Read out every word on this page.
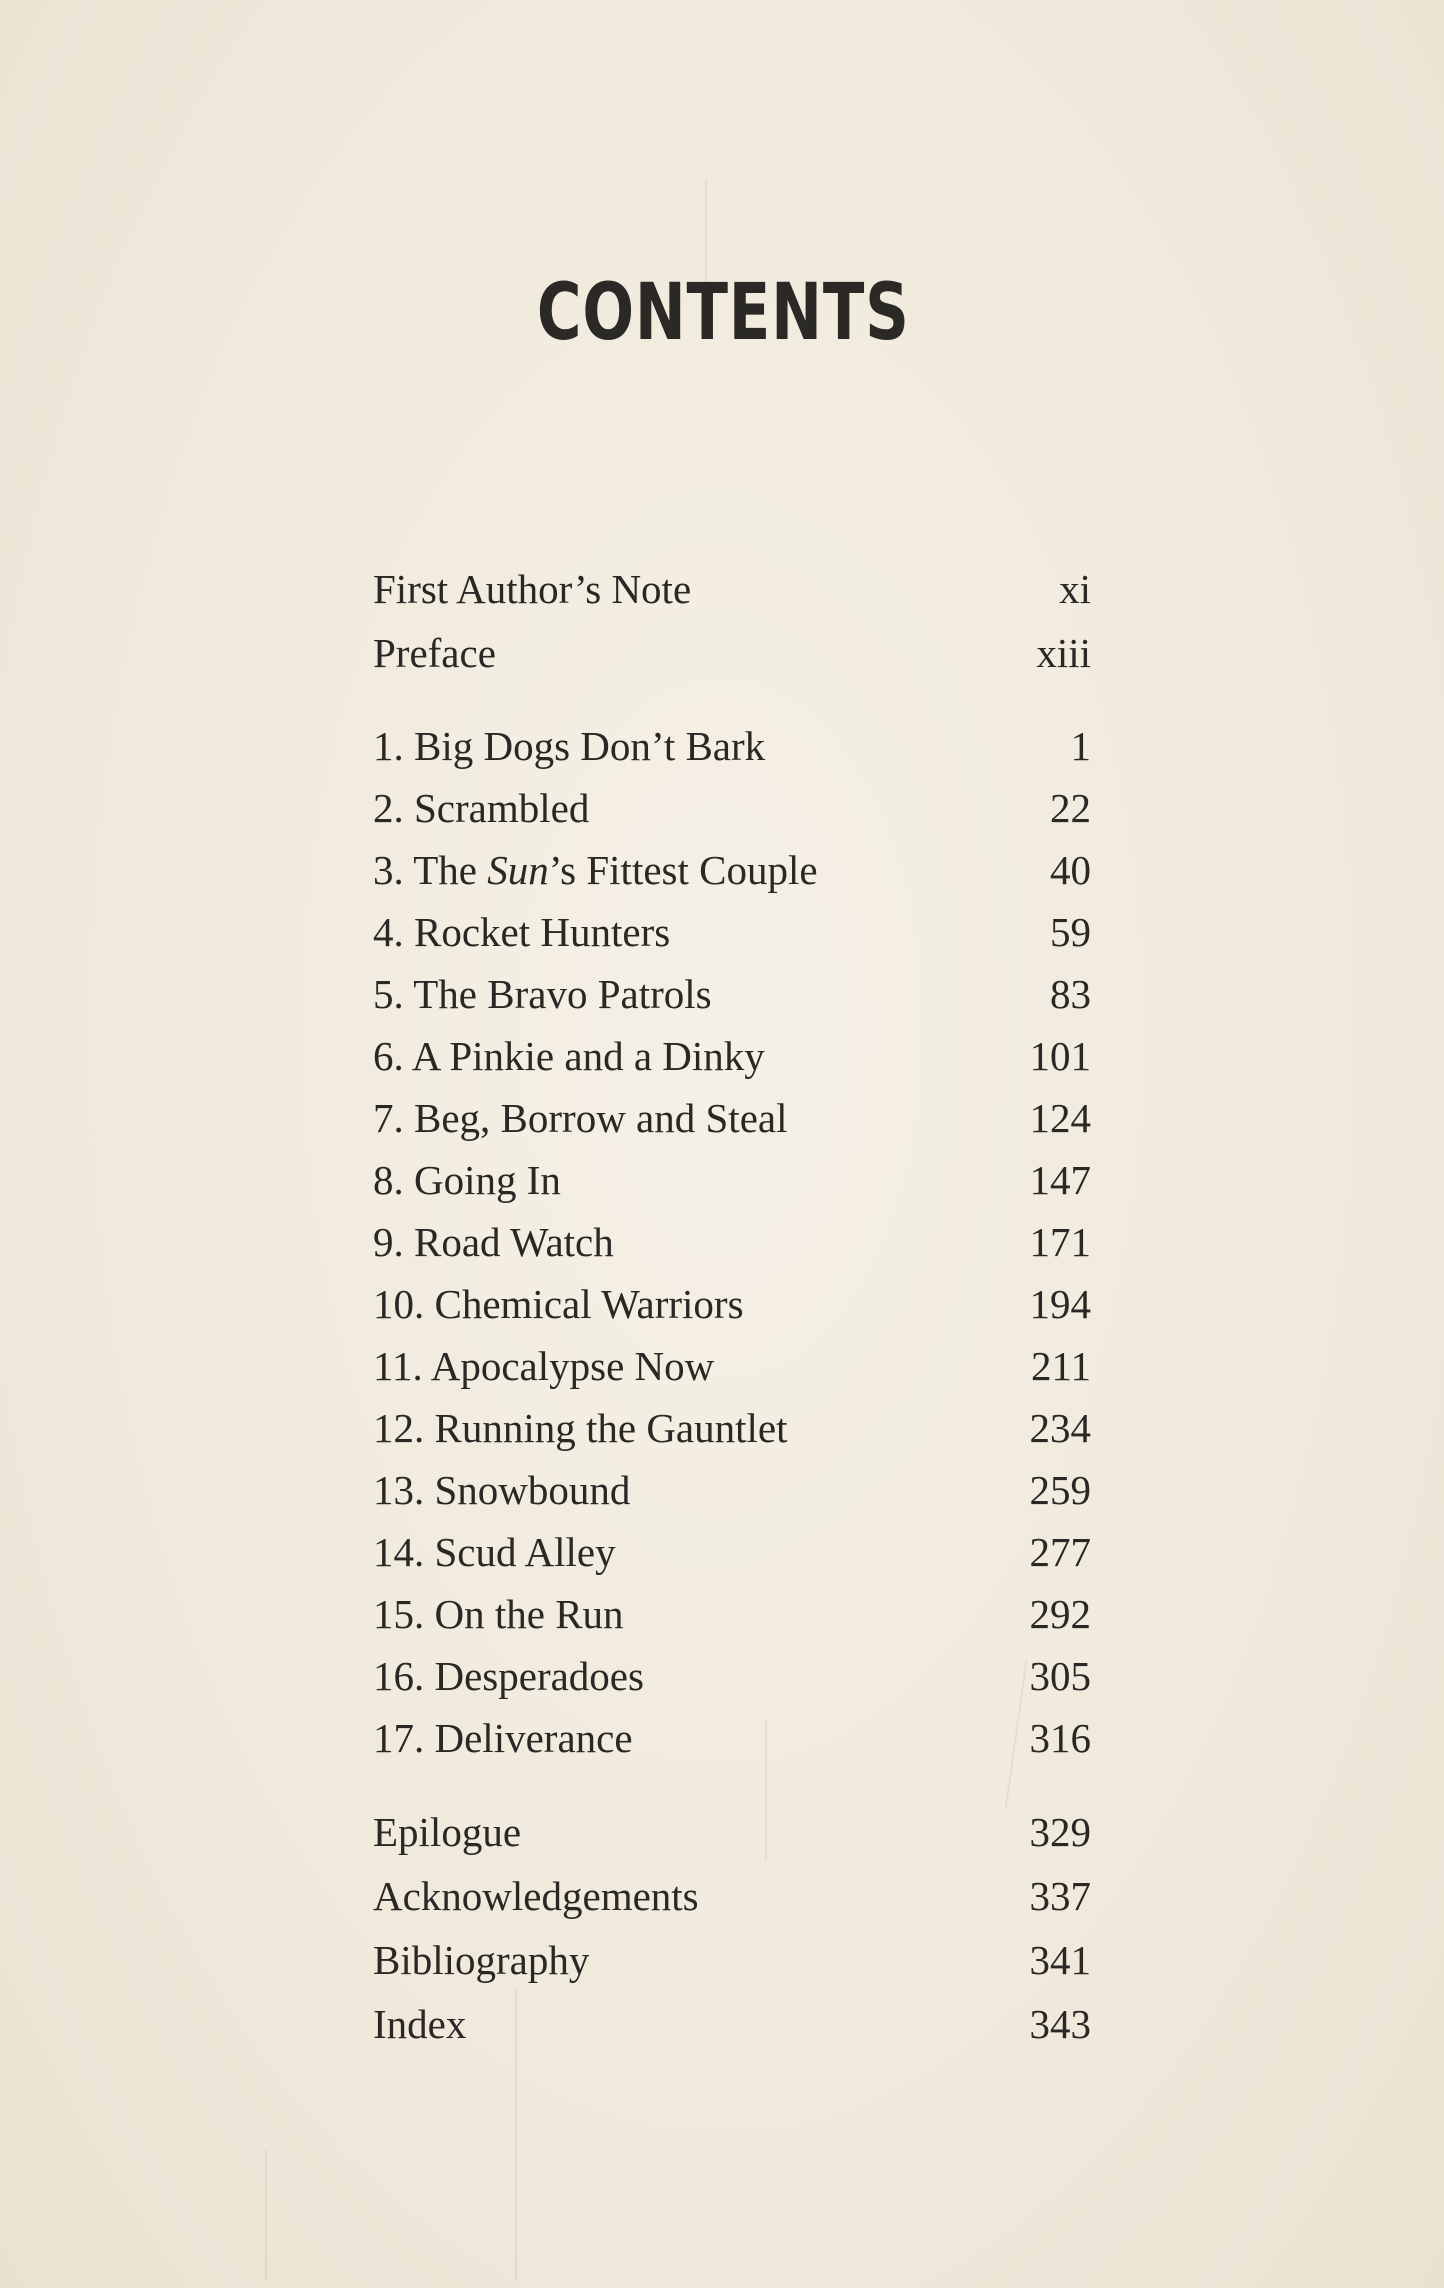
CONTENTS
First Author’s Note	xi
Preface	xiii
1. Big Dogs Don’t Bark	1
2. Scrambled	22
3. The Sun’s Fittest Couple	40
4. Rocket Hunters	59
5. The Bravo Patrols	83
6. A Pinkie and a Dinky	101
7. Beg, Borrow and Steal	124
8. Going In	147
9. Road Watch	171
10. Chemical Warriors	194
11. Apocalypse Now	211
12. Running the Gauntlet	234
13. Snowbound	259
14. Scud Alley	277
15. On the Run	292
16. Desperadoes	305
17. Deliverance	316
Epilogue	329
Acknowledgements	337
Bibliography	341
Index	343
